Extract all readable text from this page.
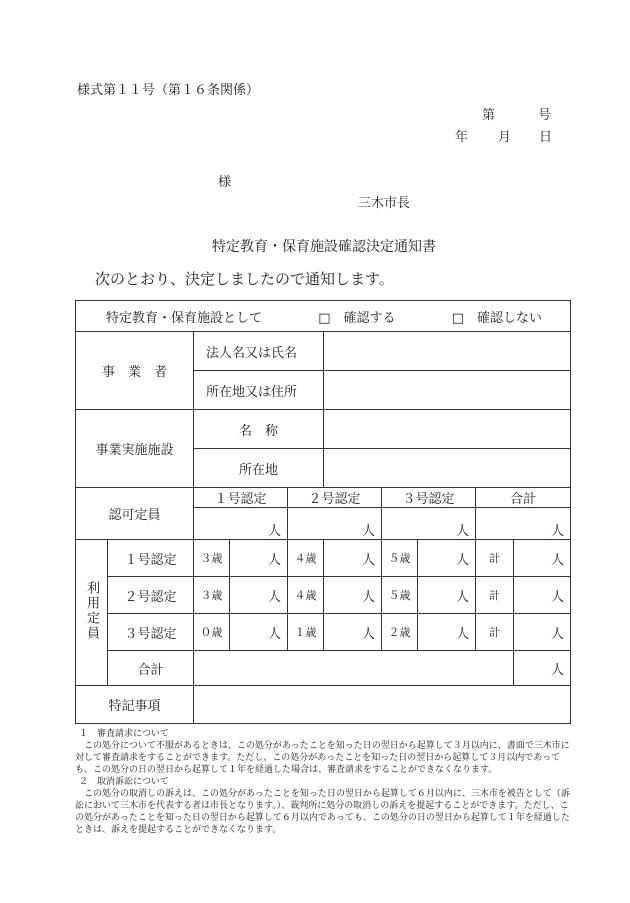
様式第１１号（第１６条関係）
第	号
年 月 日
様
三木市長
特定教育・保育施設確認決定通知書
次のとおり、決定しましたので通知します。
特定教育・保育施設として □　 確認する □　 確認しない									

事　業　者		法人名又は氏名							
		所在地又は住所							
事業実施施設		名　称							
		所在地							
認可定員		１号認定		２号認定		３号認定		合計	
		人		人		人		人	
利用定員	１号認定	３歳	人	４歳	人	５歳	人	計	人
	２号認定	３歳	人	４歳	人	５歳	人	計	人
	３号認定	０歳	人	１歳	人	２歳	人	計	人
	合計								人
特記事項									

１　審査請求について

この処分について不服があるときは、この処分があったことを知った日の翌日から起算して３月以内に、書面で三木市に対して審査請求をすることができます。ただし、この処分があったことを知った日の翌日から起算して３月以内であっても、この処分の日の翌日から起算して１年を経過した場合は、審査請求をすることができなくなります。

２　取消訴訟について

この処分の取消しの訴えは、この処分があったことを知った日の翌日から起算して６月以内に、三木市を被告として（訴訟において三木市を代表する者は市長となります。）、裁判所に処分の取消しの訴えを提起することができます。ただし、この処分があったことを知った日の翌日から起算して６月以内であっても、この処分の日の翌日から起算して１年を経過したときは、訴えを提起することができなくなります。
